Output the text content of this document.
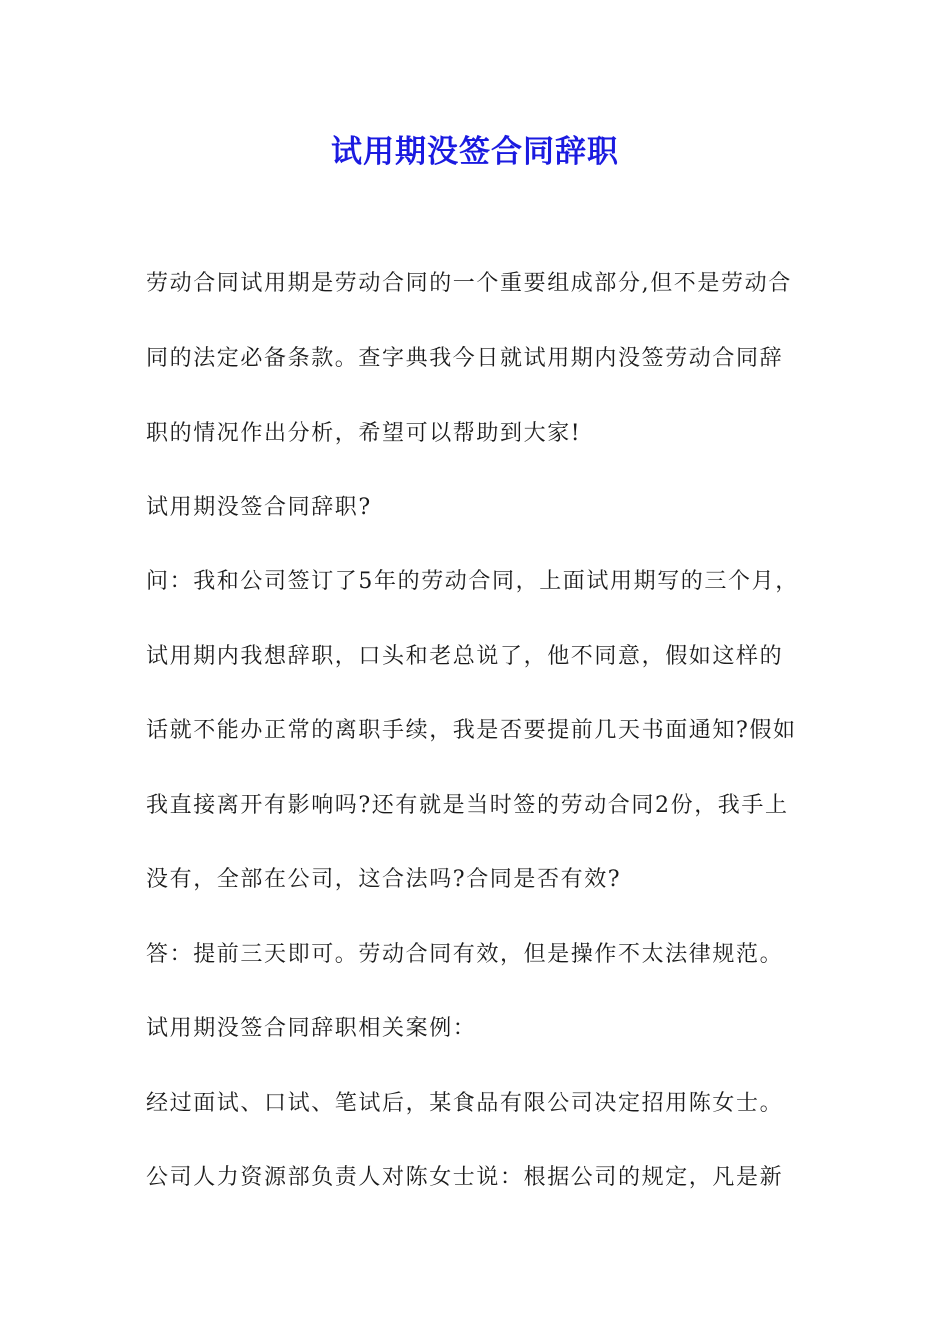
试用期没签合同辞职
劳动合同试用期是劳动合同的一个重要组成部分,但不是劳动合
同的法定必备条款。查字典我今日就试用期内没签劳动合同辞
职的情况作出分析，希望可以帮助到大家!
试用期没签合同辞职?
问：我和公司签订了5年的劳动合同，上面试用期写的三个月，
试用期内我想辞职，口头和老总说了，他不同意，假如这样的
话就不能办正常的离职手续，我是否要提前几天书面通知?假如
我直接离开有影响吗?还有就是当时签的劳动合同2份，我手上
没有，全部在公司，这合法吗?合同是否有效?
答：提前三天即可。劳动合同有效，但是操作不太法律规范。
试用期没签合同辞职相关案例：
经过面试、口试、笔试后，某食品有限公司决定招用陈女士。
公司人力资源部负责人对陈女士说：根据公司的规定，凡是新
